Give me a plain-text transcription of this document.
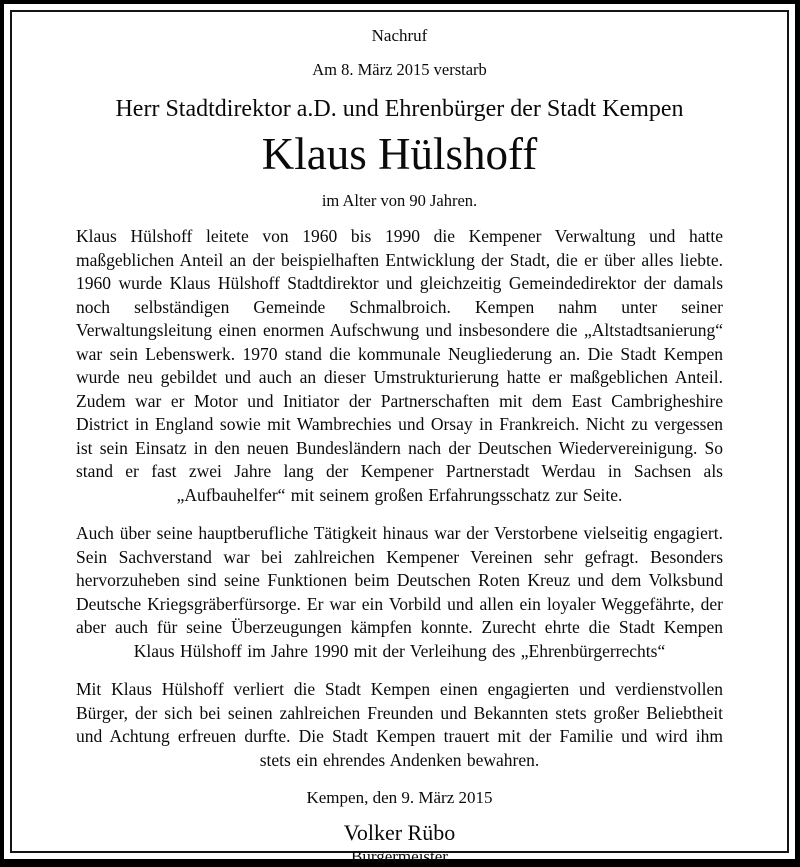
Nachruf

Am 8. März 2015 verstarb

Herr Stadtdirektor a.D. und Ehrenbürger der Stadt Kempen

Klaus Hülshoff

im Alter von 90 Jahren.

Klaus Hülshoff leitete von 1960 bis 1990 die Kempener Verwaltung und hatte maßgeblichen Anteil an der beispielhaften Entwicklung der Stadt, die er über alles liebte. 1960 wurde Klaus Hülshoff Stadtdirektor und gleichzeitig Gemeindedirektor der damals noch selbständigen Gemeinde Schmalbroich. Kempen nahm unter seiner Verwaltungsleitung einen enormen Aufschwung und insbesondere die „Altstadtsanierung“ war sein Lebenswerk. 1970 stand die kommunale Neugliederung an. Die Stadt Kempen wurde neu gebildet und auch an dieser Umstrukturierung hatte er maßgeblichen Anteil. Zudem war er Motor und Initiator der Partnerschaften mit dem East Cambrigheshire District in England sowie mit Wambrechies und Orsay in Frankreich. Nicht zu vergessen ist sein Einsatz in den neuen Bundesländern nach der Deutschen Wiedervereinigung. So stand er fast zwei Jahre lang der Kempener Partnerstadt Werdau in Sachsen als „Aufbauhelfer“ mit seinem großen Erfahrungsschatz zur Seite.

Auch über seine hauptberufliche Tätigkeit hinaus war der Verstorbene vielseitig engagiert. Sein Sachverstand war bei zahlreichen Kempener Vereinen sehr gefragt. Besonders hervorzuheben sind seine Funktionen beim Deutschen Roten Kreuz und dem Volksbund Deutsche Kriegsgräberfürsorge. Er war ein Vorbild und allen ein loyaler Weggefährte, der aber auch für seine Überzeugungen kämpfen konnte. Zurecht ehrte die Stadt Kempen Klaus Hülshoff im Jahre 1990 mit der Verleihung des „Ehrenbürgerrechts“

Mit Klaus Hülshoff verliert die Stadt Kempen einen engagierten und verdienstvollen Bürger, der sich bei seinen zahlreichen Freunden und Bekannten stets großer Beliebtheit und Achtung erfreuen durfte. Die Stadt Kempen trauert mit der Familie und wird ihm stets ein ehrendes Andenken bewahren.

Kempen, den 9. März 2015

Volker Rübo

Bürgermeister
